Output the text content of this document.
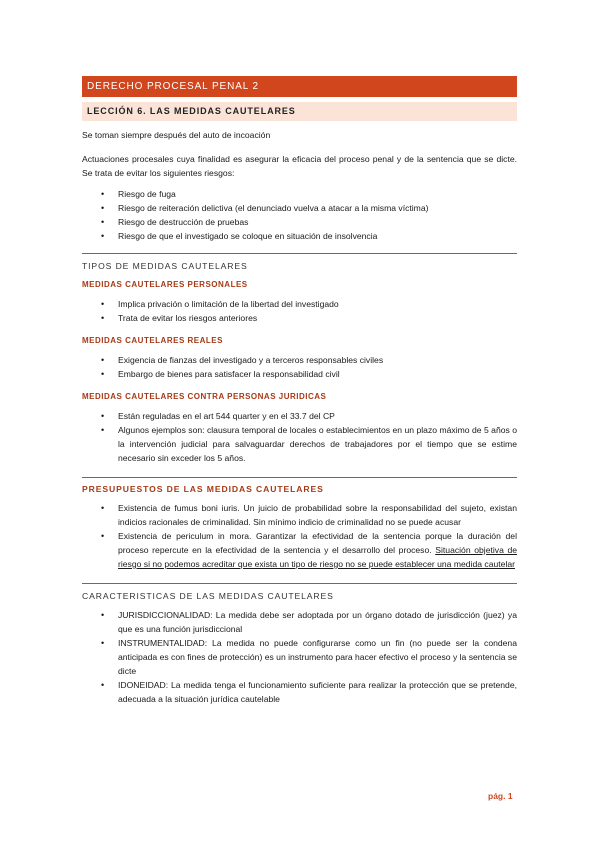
DERECHO PROCESAL PENAL 2
LECCIÓN 6. LAS MEDIDAS CAUTELARES

Se toman siempre después del auto de incoación

Actuaciones procesales cuya finalidad es asegurar la eficacia del proceso penal y de la sentencia que se dicte. Se trata de evitar los siguientes riesgos:

• Riesgo de fuga
• Riesgo de reiteración delictiva (el denunciado vuelva a atacar a la misma víctima)
• Riesgo de destrucción de pruebas
• Riesgo de que el investigado se coloque en situación de insolvencia
TIPOS DE MEDIDAS CAUTELARES
MEDIDAS CAUTELARES PERSONALES
• Implica privación o limitación de la libertad del investigado
• Trata de evitar los riesgos anteriores
MEDIDAS CAUTELARES REALES
• Exigencia de fianzas del investigado y a terceros responsables civiles
• Embargo de bienes para satisfacer la responsabilidad civil
MEDIDAS CAUTELARES CONTRA PERSONAS JURIDICAS
• Están reguladas en el art 544 quarter y en el 33.7 del CP
• Algunos ejemplos son: clausura temporal de locales o establecimientos en un plazo máximo de 5 años o la intervención judicial para salvaguardar derechos de trabajadores por el tiempo que se estime necesario sin exceder los 5 años.
PRESUPUESTOS DE LAS MEDIDAS CAUTELARES
• Existencia de fumus boni iuris. Un juicio de probabilidad sobre la responsabilidad del sujeto, existan indicios racionales de criminalidad. Sin mínimo indicio de criminalidad no se puede acusar
• Existencia de periculum in mora. Garantizar la efectividad de la sentencia porque la duración del proceso repercute en la efectividad de la sentencia y el desarrollo del proceso. Situación objetiva de riesgo si no podemos acreditar que exista un tipo de riesgo no se puede establecer una medida cautelar
CARACTERISTICAS DE LAS MEDIDAS CAUTELARES
• JURISDICCIONALIDAD: La medida debe ser adoptada por un órgano dotado de jurisdicción (juez) ya que es una función jurisdiccional
• INSTRUMENTALIDAD: La medida no puede configurarse como un fin (no puede ser la condena anticipada es con fines de protección) es un instrumento para hacer efectivo el proceso y la sentencia se dicte
• IDONEIDAD: La medida tenga el funcionamiento suficiente para realizar la protección que se pretende, adecuada a la situación jurídica cautelable
pág. 1
